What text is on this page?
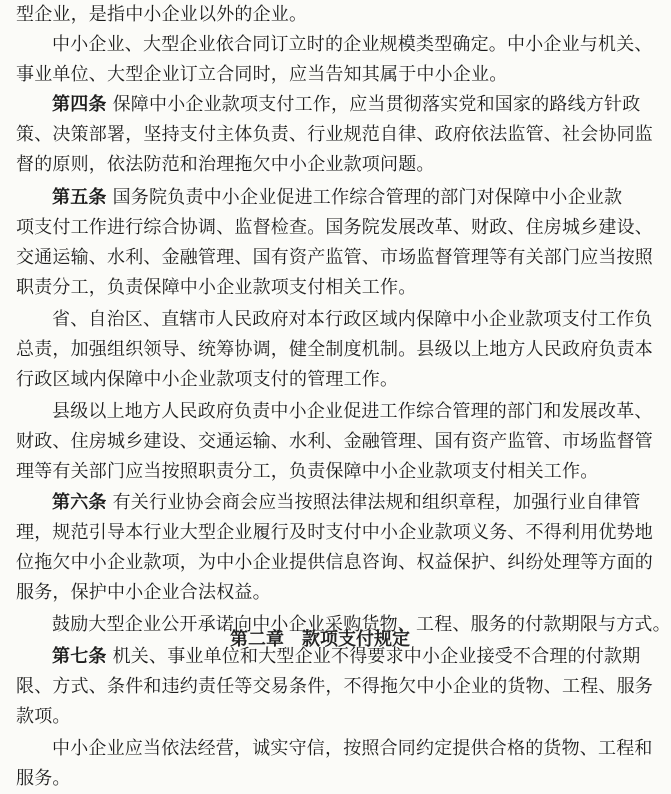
型企业，是指中小企业以外的企业。
中小企业、大型企业依合同订立时的企业规模类型确定。中小企业与机关、
事业单位、大型企业订立合同时，应当告知其属于中小企业。
第四条 保障中小企业款项支付工作，应当贯彻落实党和国家的路线方针政
策、决策部署，坚持支付主体负责、行业规范自律、政府依法监管、社会协同监
督的原则，依法防范和治理拖欠中小企业款项问题。
第五条 国务院负责中小企业促进工作综合管理的部门对保障中小企业款
项支付工作进行综合协调、监督检查。国务院发展改革、财政、住房城乡建设、
交通运输、水利、金融管理、国有资产监管、市场监督管理等有关部门应当按照
职责分工，负责保障中小企业款项支付相关工作。
省、自治区、直辖市人民政府对本行政区域内保障中小企业款项支付工作负
总责，加强组织领导、统筹协调，健全制度机制。县级以上地方人民政府负责本
行政区域内保障中小企业款项支付的管理工作。
县级以上地方人民政府负责中小企业促进工作综合管理的部门和发展改革、
财政、住房城乡建设、交通运输、水利、金融管理、国有资产监管、市场监督管
理等有关部门应当按照职责分工，负责保障中小企业款项支付相关工作。
第六条 有关行业协会商会应当按照法律法规和组织章程，加强行业自律管
理，规范引导本行业大型企业履行及时支付中小企业款项义务、不得利用优势地
位拖欠中小企业款项，为中小企业提供信息咨询、权益保护、纠纷处理等方面的
服务，保护中小企业合法权益。
鼓励大型企业公开承诺向中小企业采购货物、工程、服务的付款期限与方式。
第七条 机关、事业单位和大型企业不得要求中小企业接受不合理的付款期
限、方式、条件和违约责任等交易条件，不得拖欠中小企业的货物、工程、服务
款项。
中小企业应当依法经营，诚实守信，按照合同约定提供合格的货物、工程和
服务。
第二章　款项支付规定
